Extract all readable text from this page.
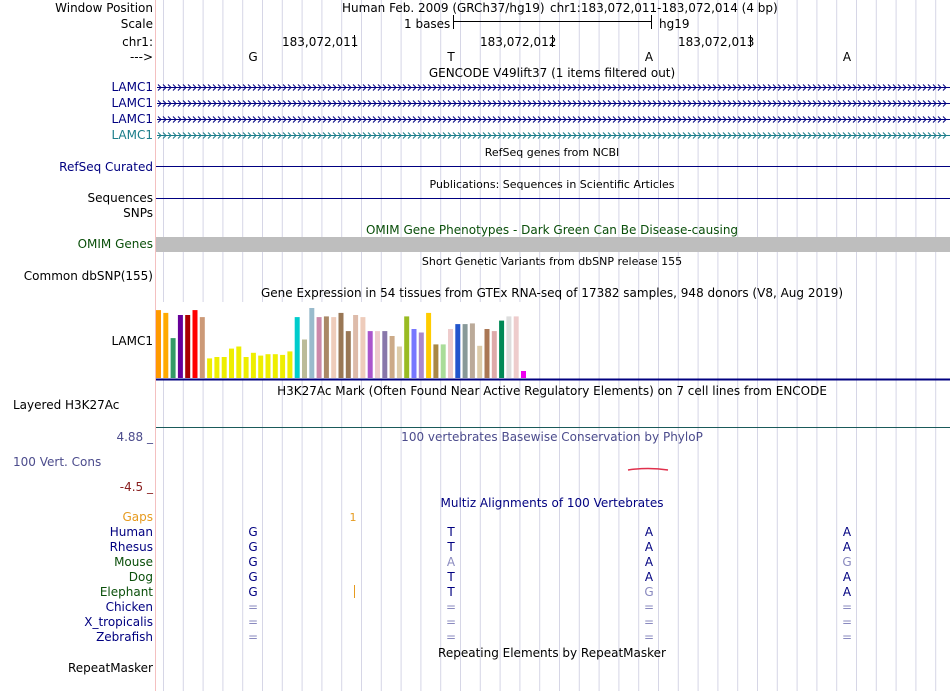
Window Position	Human Feb. 2009 (GRCh37/hg19) chr1:183,072,011-183,072,014 (4 bp)
Scale	1 bases	hg19
chr1:	183,072,011	183,072,012	183,072,013
--->	G	T	A	A
GENCODE V49lift37 (1 items filtered out)
LAMC1
LAMC1
LAMC1
LAMC1
RefSeq genes from NCBI
RefSeq Curated
Publications: Sequences in Scientific Articles
Sequences
SNPs
OMIM Gene Phenotypes - Dark Green Can Be Disease-causing
OMIM Genes
Short Genetic Variants from dbSNP release 155
Common dbSNP(155)
Gene Expression in 54 tissues from GTEx RNA-seq of 17382 samples, 948 donors (V8, Aug 2019)
LAMC1
H3K27Ac Mark (Often Found Near Active Regulatory Elements) on 7 cell lines from ENCODE
Layered H3K27Ac
4.88 _	100 vertebrates Basewise Conservation by PhyloP
100 Vert. Cons
-4.5 _
Multiz Alignments of 100 Vertebrates
Gaps	1
Human	G	T	A	A
Rhesus	G	T	A	A
Mouse	G	A	A	G
Dog	G	T	A	A
Elephant	G	T	G	A
Chicken	=	=	=	=
X_tropicalis	=	=	=	=
Zebrafish	=	=	=	=
Repeating Elements by RepeatMasker
RepeatMasker
